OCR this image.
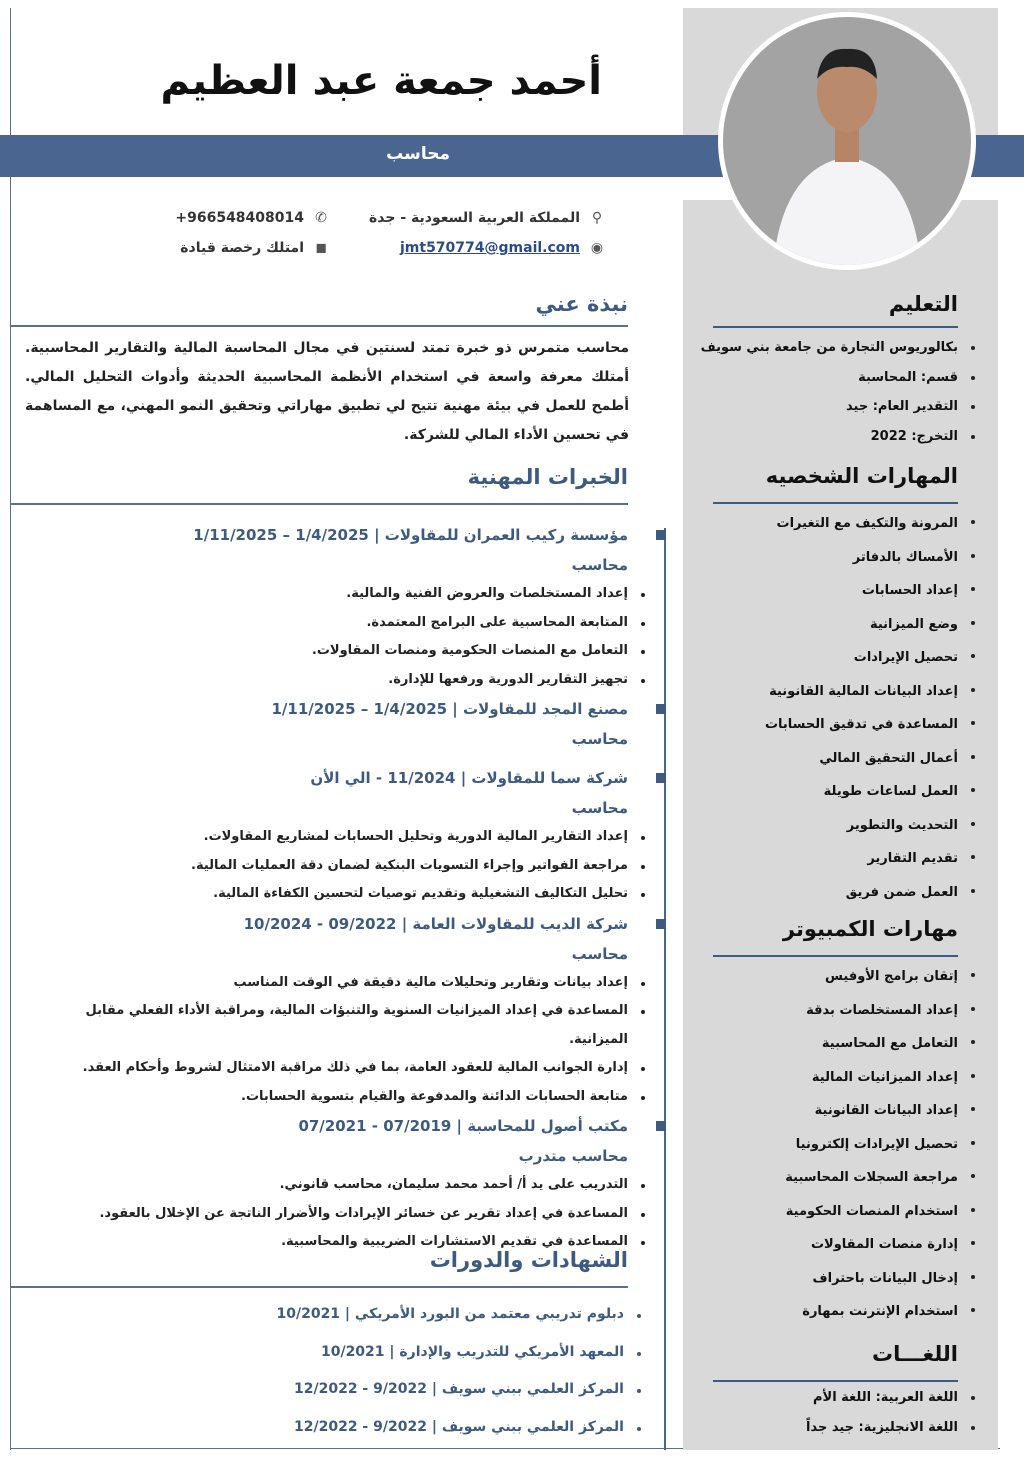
أحمد جمعة عبد العظيم
محاسب
⚲
المملكة العربية السعودية - جدة
✆
+966548408014
◉
jmt570774@gmail.com
◼
امتلك رخصة قيادة
نبذة عني
محاسب متمرس ذو خبرة تمتد لسنتين في مجال المحاسبة المالية والتقارير المحاسبية. أمتلك معرفة واسعة في استخدام الأنظمة المحاسبية الحديثة وأدوات التحليل المالي. أطمح للعمل في بيئة مهنية تتيح لي تطبيق مهاراتي وتحقيق النمو المهني، مع المساهمة في تحسين الأداء المالي للشركة.
الخبرات المهنية
مؤسسة ركيب العمران للمقاولات | 1/4/2025 – 1/11/2025
محاسب
إعداد المستخلصات والعروض الفنية والمالية.
المتابعة المحاسبية على البرامج المعتمدة.
التعامل مع المنصات الحكومية ومنصات المقاولات.
تجهيز التقارير الدورية ورفعها للإدارة.
مصنع المجد للمقاولات | 1/4/2025 – 1/11/2025
محاسب
شركة سما للمقاولات | 11/2024 - الي الأن
محاسب
إعداد التقارير المالية الدورية وتحليل الحسابات لمشاريع المقاولات.
مراجعة الفواتير وإجراء التسويات البنكية لضمان دقة العمليات المالية.
تحليل التكاليف التشغيلية وتقديم توصيات لتحسين الكفاءة المالية.
شركة الديب للمقاولات العامة | 09/2022 - 10/2024
محاسب
إعداد بيانات وتقارير وتحليلات مالية دقيقة في الوقت المناسب
المساعدة في إعداد الميزانيات السنوية والتنبؤات المالية، ومراقبة الأداء الفعلي مقابل الميزانية.
إدارة الجوانب المالية للعقود العامة، بما في ذلك مراقبة الامتثال لشروط وأحكام العقد.
متابعة الحسابات الدائنة والمدفوعة والقيام بتسوية الحسابات.
مكتب أصول للمحاسبة | 07/2019 - 07/2021
محاسب متدرب
التدريب على يد أ/ أحمد محمد سليمان، محاسب قانوني.
المساعدة في إعداد تقرير عن خسائر الإيرادات والأضرار الناتجة عن الإخلال بالعقود.
المساعدة في تقديم الاستشارات الضريبية والمحاسبية.
الشهادات والدورات
دبلوم تدريبي معتمد من البورد الأمريكي | 10/2021
المعهد الأمريكي للتدريب والإدارة | 10/2021
المركز العلمي ببني سويف | 9/2022 - 12/2022
المركز العلمي ببني سويف | 9/2022 - 12/2022
التعليم
بكالوريوس التجارة من جامعة بني سويف
قسم: المحاسبة
التقدير العام: جيد
التخرج: 2022
المهارات الشخصيه
المرونة والتكيف مع التغيرات
الأمساك بالدفاتر
إعداد الحسابات
وضع الميزانية
تحصيل الإيرادات
إعداد البيانات المالية القانونية
المساعدة في تدقيق الحسابات
أعمال التحقيق المالي
العمل لساعات طويلة
التحديث والتطوير
تقديم التقارير
العمل ضمن فريق
مهارات الكمبيوتر
إتقان برامج الأوفيس
إعداد المستخلصات بدقة
التعامل مع المحاسبية
إعداد الميزانيات المالية
إعداد البيانات القانونية
تحصيل الإيرادات إلكترونيا
مراجعة السجلات المحاسبية
استخدام المنصات الحكومية
إدارة منصات المقاولات
إدخال البيانات باحتراف
استخدام الإنترنت بمهارة
اللغـــات
اللغة العربية: اللغة الأم
اللغة الانجليزية: جيد جداً
